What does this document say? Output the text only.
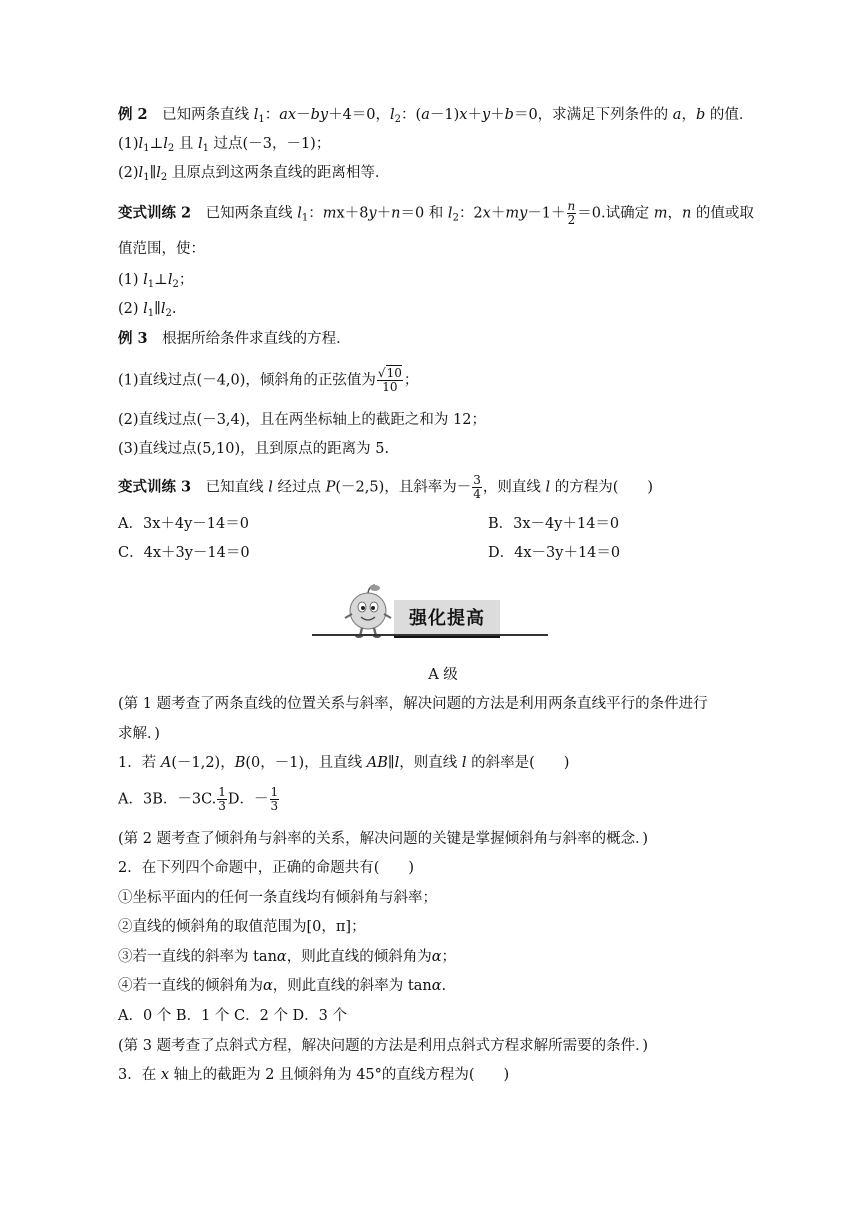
例 2　 已知两条直线 $l_1$：ax－by＋4＝0，$l_2$：(a－1)x＋y＋b＝0，求满足下列条件的 a，b 的值．
$(1)l_1\perp l_2$ 且 $l_1$ 过点(－3，－1)；
$(2)l_1\parallel l_2$ 且原点到这两条直线的距离相等．
变式训练 2　 已知两条直线 $l_1$：mx＋8y＋n＝0 和 $l_2$：$2x+my-1+ \frac{n}{2} =0$.试确定 m，n 的值或取
值范围，使：
(1) $l_1\perp l_2$；
(2) $l_1\parallel l_2$.
例 3　 根据所给条件求直线的方程．
(1)直线过点(－4,0)，倾斜角的正弦值为 $\frac{√10}{10}$ ；
(2)直线过点(－3,4)，且在两坐标轴上的截距之和为 12；
(3)直线过点(5,10)，且到原点的距离为 5.
变式训练 3　 已知直线 l 经过点 P(－2,5)，且斜率为－ $\frac{3}{4}$ ，则直线 l 的方程为(　　)
A．3x＋4y－14＝0	B．3x－4y＋14＝0
C．4x＋3y－14＝0	D．4x－3y＋14＝0
强化提高
A 级
(第 1 题考查了两条直线的位置关系与斜率，解决问题的方法是利用两条直线平行的条件进行
求解．)
1．若 A(－1,2)，B(0，－1)，且直线 AB∥l，则直线 l 的斜率是(　　)
A．3B．－3C. $\frac{1}{3}$ D．－ $\frac{1}{3}$
(第 2 题考查了倾斜角与斜率的关系，解决问题的关键是掌握倾斜角与斜率的概念．)
2．在下列四个命题中，正确的命题共有(　　)
①坐标平面内的任何一条直线均有倾斜角与斜率；
②直线的倾斜角的取值范围为[0，π]；
③若一直线的斜率为 tanα，则此直线的倾斜角为α；
④若一直线的倾斜角为α，则此直线的斜率为 tanα.
A．0 个 B．1 个 C．2 个 D．3 个
(第 3 题考查了点斜式方程，解决问题的方法是利用点斜式方程求解所需要的条件．)
3．在 x 轴上的截距为 2 且倾斜角为 45°的直线方程为(　　)
